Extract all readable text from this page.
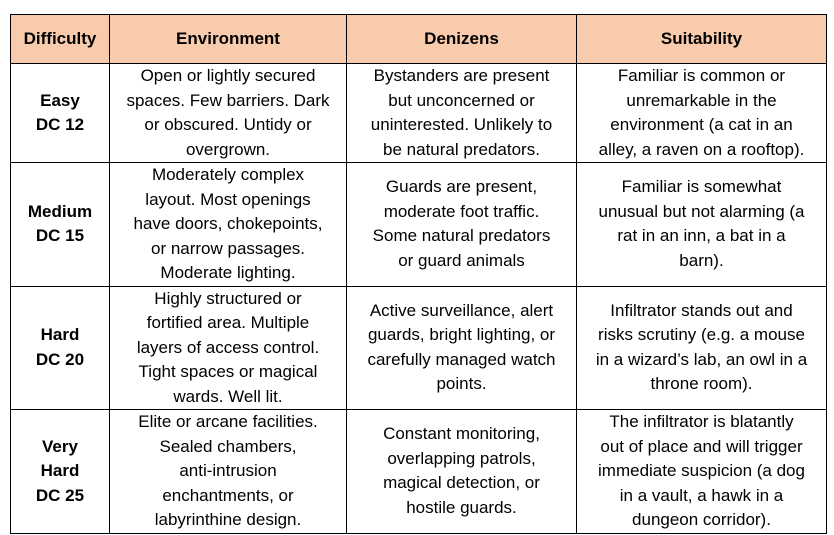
Difficulty	Environment	Denizens	Suitability

Easy
DC 12	Open or lightly secured
spaces. Few barriers. Dark
or obscured. Untidy or
overgrown.	Bystanders are present
but unconcerned or
uninterested. Unlikely to
be natural predators.	Familiar is common or
unremarkable in the
environment (a cat in an
alley, a raven on a rooftop).

Medium
DC 15	Moderately complex
layout. Most openings
have doors, chokepoints,
or narrow passages.
Moderate lighting.	Guards are present,
moderate foot traffic.
Some natural predators
or guard animals	Familiar is somewhat
unusual but not alarming (a
rat in an inn, a bat in a
barn).

Hard
DC 20	Highly structured or
fortified area. Multiple
layers of access control.
Tight spaces or magical
wards. Well lit.	Active surveillance, alert
guards, bright lighting, or
carefully managed watch
points.	Infiltrator stands out and
risks scrutiny (e.g. a mouse
in a wizard’s lab, an owl in a
throne room).

Very
Hard
DC 25	Elite or arcane facilities.
Sealed chambers,
anti-intrusion
enchantments, or
labyrinthine design.	Constant monitoring,
overlapping patrols,
magical detection, or
hostile guards.	The infiltrator is blatantly
out of place and will trigger
immediate suspicion (a dog
in a vault, a hawk in a
dungeon corridor).
